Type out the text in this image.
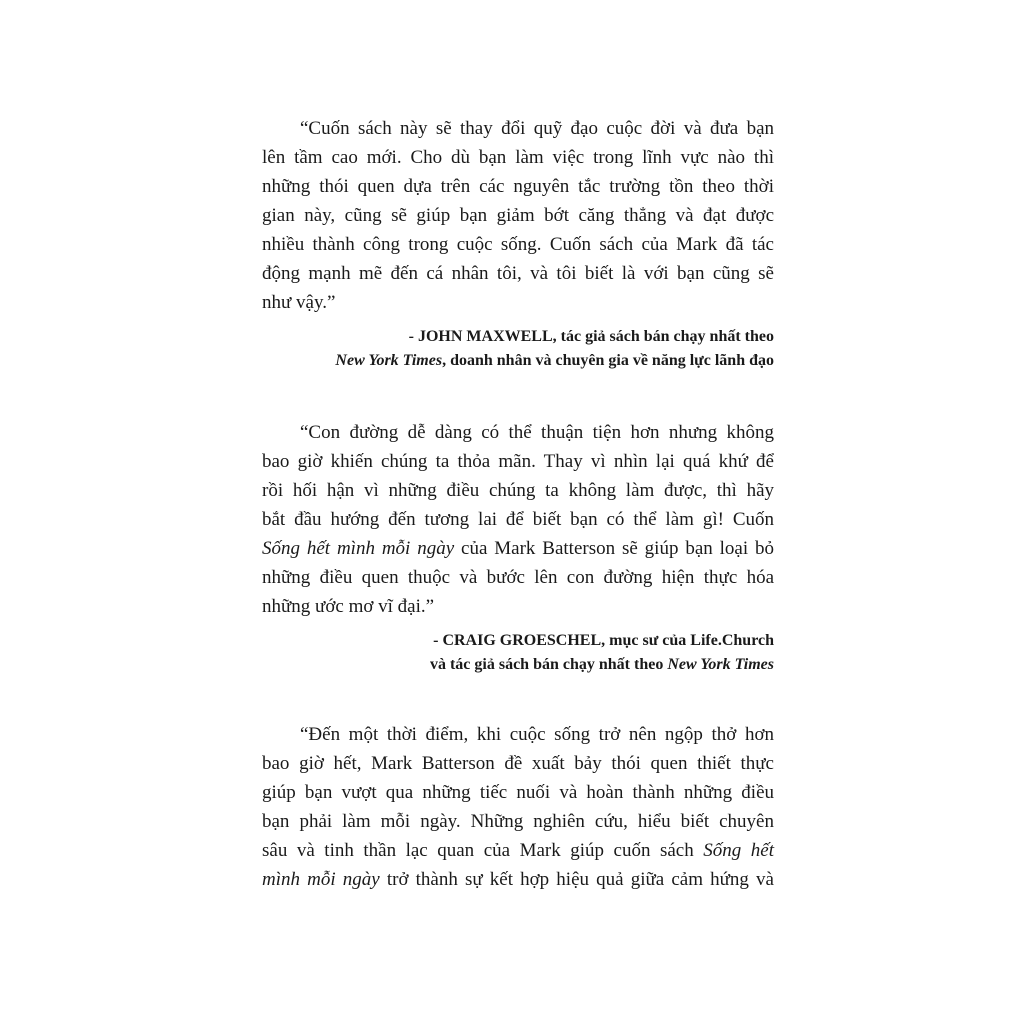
“Cuốn sách này sẽ thay đổi quỹ đạo cuộc đời và đưa bạn
lên tầm cao mới. Cho dù bạn làm việc trong lĩnh vực nào thì
những thói quen dựa trên các nguyên tắc trường tồn theo thời
gian này, cũng sẽ giúp bạn giảm bớt căng thẳng và đạt được
nhiều thành công trong cuộc sống. Cuốn sách của Mark đã tác
động mạnh mẽ đến cá nhân tôi, và tôi biết là với bạn cũng sẽ
như vậy.”

- JOHN MAXWELL, tác giả sách bán chạy nhất theo
New York Times, doanh nhân và chuyên gia về năng lực lãnh đạo

“Con đường dễ dàng có thể thuận tiện hơn nhưng không
bao giờ khiến chúng ta thỏa mãn. Thay vì nhìn lại quá khứ để
rồi hối hận vì những điều chúng ta không làm được, thì hãy
bắt đầu hướng đến tương lai để biết bạn có thể làm gì! Cuốn
Sống hết mình mỗi ngày của Mark Batterson sẽ giúp bạn loại bỏ
những điều quen thuộc và bước lên con đường hiện thực hóa
những ước mơ vĩ đại.”

- CRAIG GROESCHEL, mục sư của Life.Church
và tác giả sách bán chạy nhất theo New York Times

“Đến một thời điểm, khi cuộc sống trở nên ngộp thở hơn
bao giờ hết, Mark Batterson đề xuất bảy thói quen thiết thực
giúp bạn vượt qua những tiếc nuối và hoàn thành những điều
bạn phải làm mỗi ngày. Những nghiên cứu, hiểu biết chuyên
sâu và tinh thần lạc quan của Mark giúp cuốn sách Sống hết
mình mỗi ngày trở thành sự kết hợp hiệu quả giữa cảm hứng và
